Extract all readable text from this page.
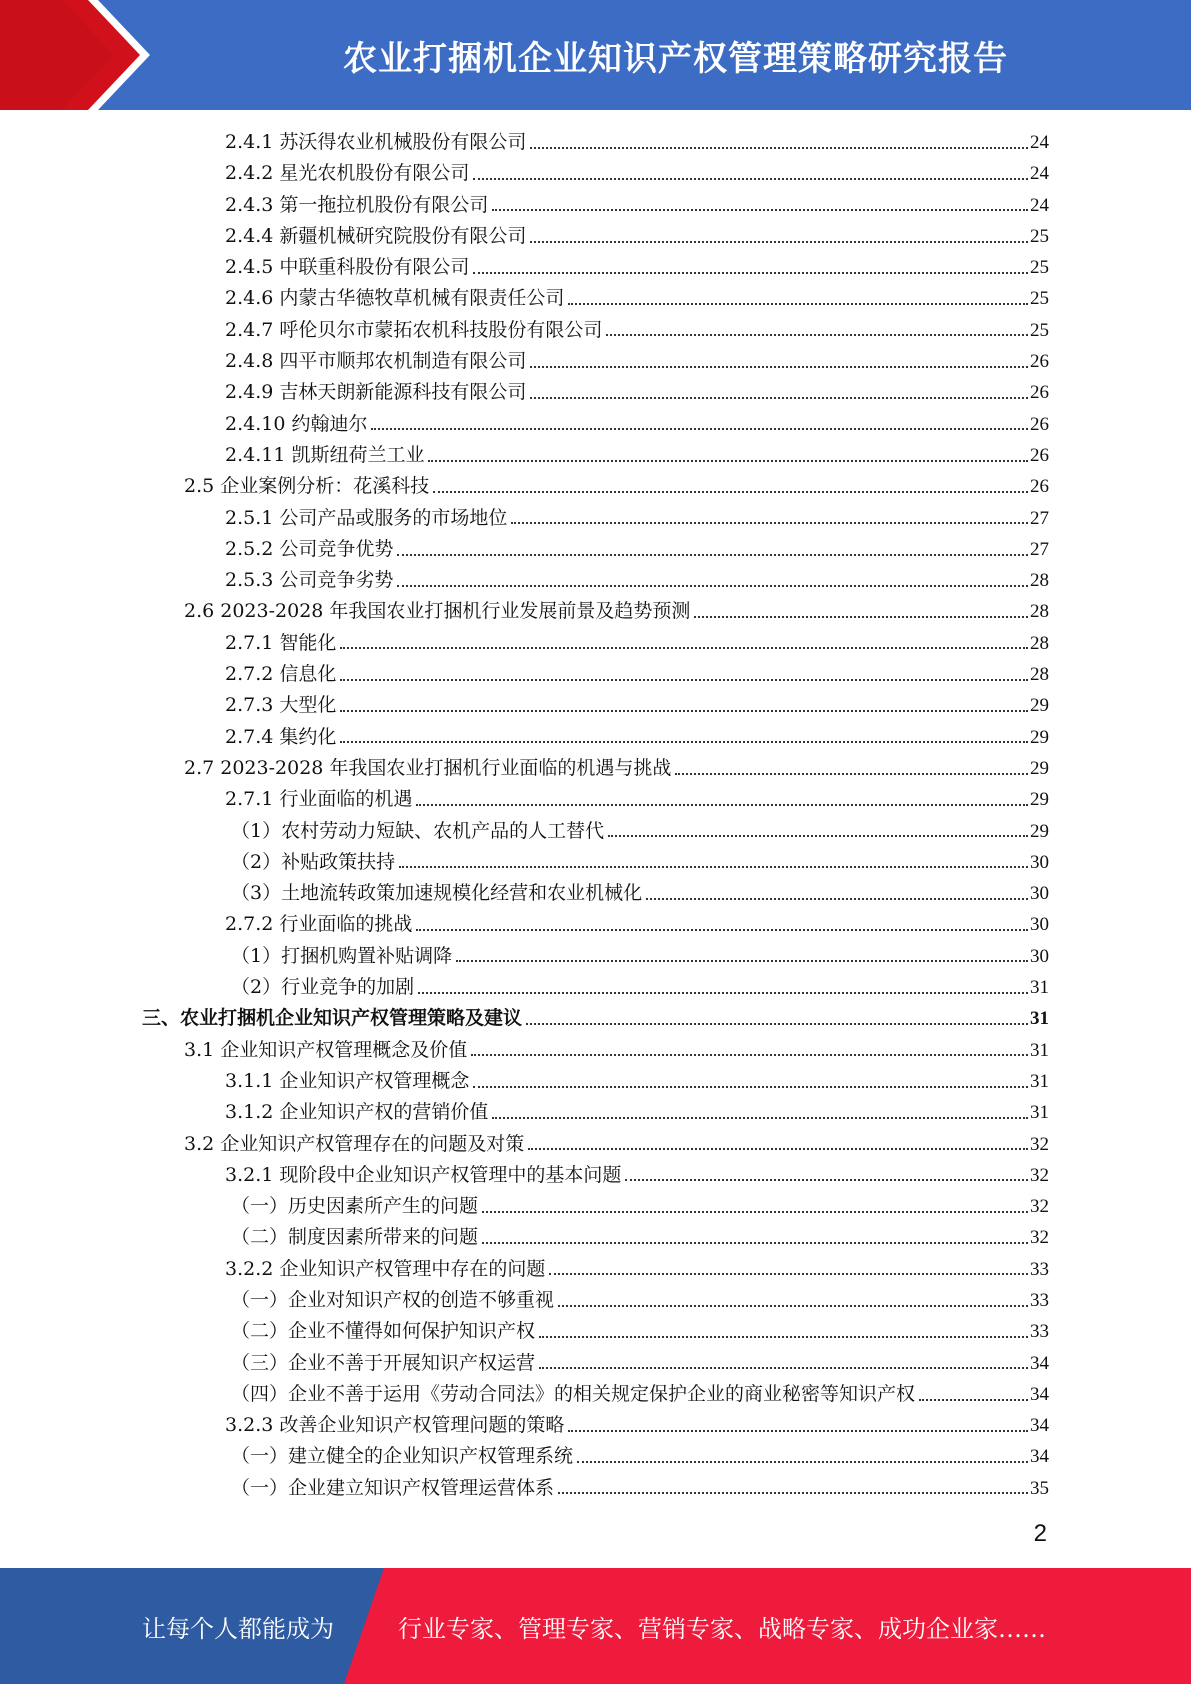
农业打捆机企业知识产权管理策略研究报告
2.4.1 苏沃得农业机械股份有限公司	24
2.4.2 星光农机股份有限公司	24
2.4.3 第一拖拉机股份有限公司	24
2.4.4 新疆机械研究院股份有限公司	25
2.4.5 中联重科股份有限公司	25
2.4.6 内蒙古华德牧草机械有限责任公司	25
2.4.7 呼伦贝尔市蒙拓农机科技股份有限公司	25
2.4.8 四平市顺邦农机制造有限公司	26
2.4.9 吉林天朗新能源科技有限公司	26
2.4.10 约翰迪尔	26
2.4.11 凯斯纽荷兰工业	26
2.5 企业案例分析：花溪科技	26
2.5.1 公司产品或服务的市场地位	27
2.5.2 公司竞争优势	27
2.5.3 公司竞争劣势	28
2.6 2023-2028 年我国农业打捆机行业发展前景及趋势预测	28
2.7.1 智能化	28
2.7.2 信息化	28
2.7.3 大型化	29
2.7.4 集约化	29
2.7 2023-2028 年我国农业打捆机行业面临的机遇与挑战	29
2.7.1 行业面临的机遇	29
（1）农村劳动力短缺、农机产品的人工替代	29
（2）补贴政策扶持	30
（3）土地流转政策加速规模化经营和农业机械化	30
2.7.2 行业面临的挑战	30
（1）打捆机购置补贴调降	30
（2）行业竞争的加剧	31
三、农业打捆机企业知识产权管理策略及建议	31
3.1 企业知识产权管理概念及价值	31
3.1.1 企业知识产权管理概念	31
3.1.2 企业知识产权的营销价值	31
3.2 企业知识产权管理存在的问题及对策	32
3.2.1 现阶段中企业知识产权管理中的基本问题	32
（一）历史因素所产生的问题	32
（二）制度因素所带来的问题	32
3.2.2 企业知识产权管理中存在的问题	33
（一）企业对知识产权的创造不够重视	33
（二）企业不懂得如何保护知识产权	33
（三）企业不善于开展知识产权运营	34
（四）企业不善于运用《劳动合同法》的相关规定保护企业的商业秘密等知识产权	34
3.2.3 改善企业知识产权管理问题的策略	34
（一）建立健全的企业知识产权管理系统	34
（一）企业建立知识产权管理运营体系	35
2
让每个人都能成为	行业专家、管理专家、营销专家、战略专家、成功企业家……
